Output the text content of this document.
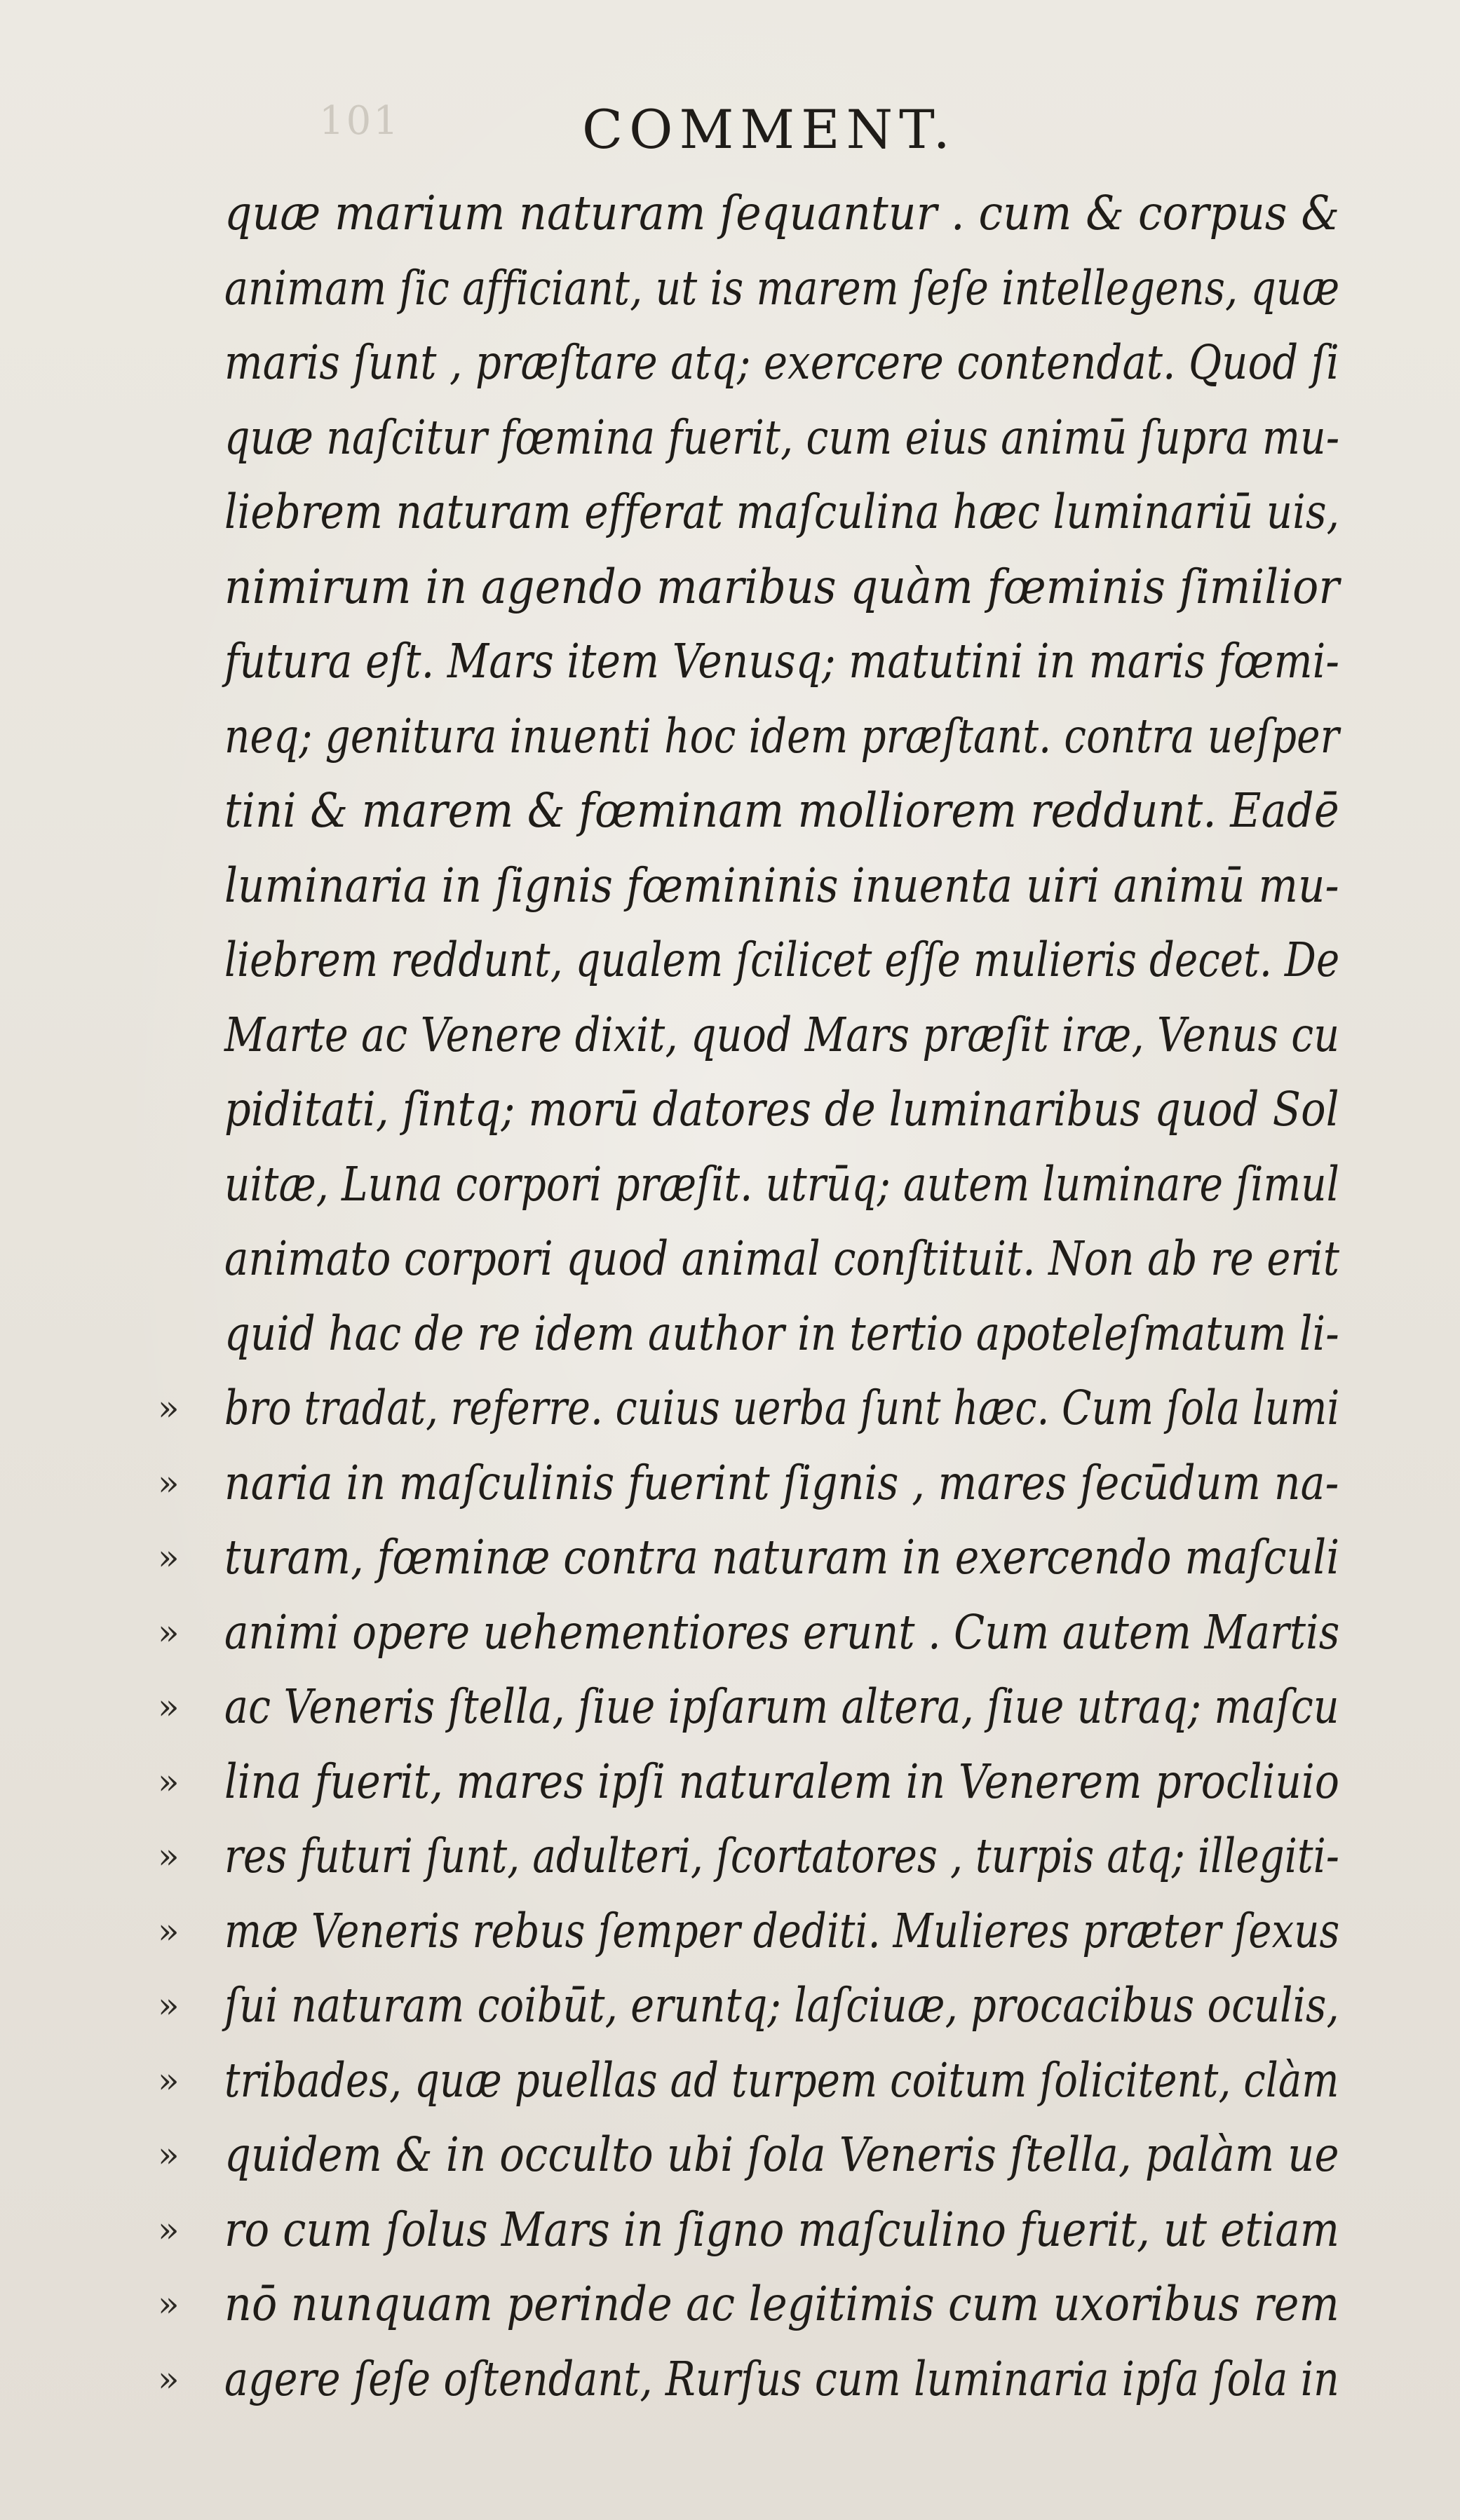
101	COMMENT.
quæ marium naturam ſequantur . cum & corpus &
animam ſic afficiant, ut is marem ſeſe intellegens, quæ
maris ſunt , præſtare atq; exercere contendat. Quod ſi
quæ naſcitur fœmina fuerit, cum eius animū ſupra mu-
liebrem naturam efferat maſculina hæc luminariū uis,
nimirum in agendo maribus quàm fœminis ſimilior
futura eſt. Mars item Venusq; matutini in maris fœmi-
neq; genitura inuenti hoc idem præſtant. contra ueſper
tini & marem & fœminam molliorem reddunt. Eadē
luminaria in ſignis fœmininis inuenta uiri animū mu-
liebrem reddunt, qualem ſcilicet eſſe mulieris decet. De
Marte ac Venere dixit, quod Mars præſit iræ, Venus cu
piditati, ſintq; morū datores de luminaribus quod Sol
uitæ, Luna corpori præſit. utrūq; autem luminare ſimul
animato corpori quod animal conſtituit. Non ab re erit
quid hac de re idem author in tertio apoteleſmatum li-
» bro tradat, referre. cuius uerba ſunt hæc. Cum ſola lumi
» naria in maſculinis fuerint ſignis , mares ſecūdum na-
» turam, fœminæ contra naturam in exercendo maſculi
» animi opere uehementiores erunt . Cum autem Martis
» ac Veneris ſtella, ſiue ipſarum altera, ſiue utraq; maſcu
» lina fuerit, mares ipſi naturalem in Venerem procliuio
» res futuri ſunt, adulteri, ſcortatores , turpis atq; illegiti-
» mæ Veneris rebus ſemper dediti. Mulieres præter ſexus
» ſui naturam coibūt, eruntq; laſciuæ, procacibus oculis,
» tribades, quæ puellas ad turpem coitum ſolicitent, clàm
» quidem & in occulto ubi ſola Veneris ſtella, palàm ue
» ro cum ſolus Mars in ſigno maſculino fuerit, ut etiam
» nō nunquam perinde ac legitimis cum uxoribus rem
» agere ſeſe oſtendant, Rurſus cum luminaria ipſa ſola in
